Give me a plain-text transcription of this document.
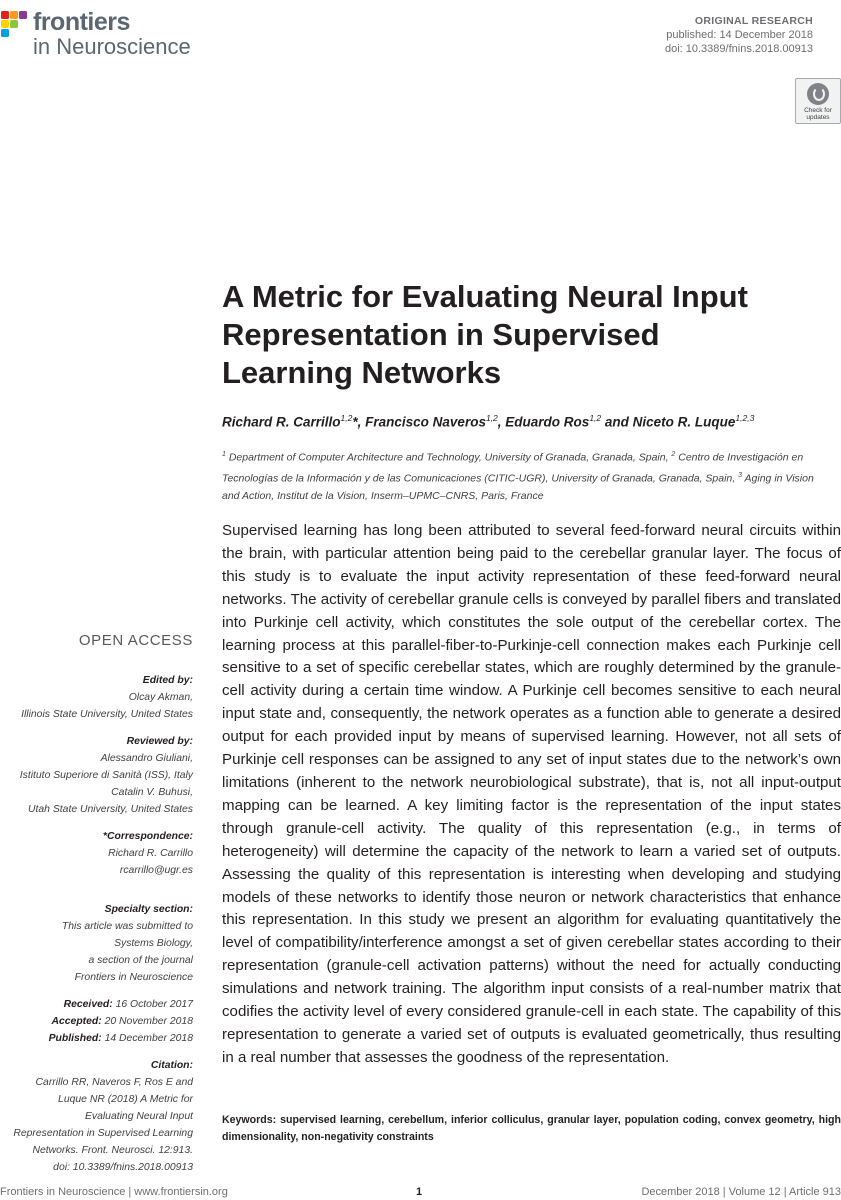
frontiers
in Neuroscience
ORIGINAL RESEARCH
published: 14 December 2018
doi: 10.3389/fnins.2018.00913
Check for
updates
A Metric for Evaluating Neural Input
Representation in Supervised
Learning Networks
Richard R. Carrillo$^{1,2}$*, Francisco Naveros$^{1,2}$, Eduardo Ros$^{1,2}$ and Niceto R. Luque$^{1,2,3}$
$^1$ Department of Computer Architecture and Technology, University of Granada, Granada, Spain, $^2$ Centro de Investigación en Tecnologías de la Información y de las Comunicaciones (CITIC-UGR), University of Granada, Granada, Spain, $^3$ Aging in Vision and Action, Institut de la Vision, Inserm–UPMC–CNRS, Paris, France

Supervised learning has long been attributed to several feed-forward neural circuits within the brain, with particular attention being paid to the cerebellar granular layer. The focus of this study is to evaluate the input activity representation of these feed-forward neural networks. The activity of cerebellar granule cells is conveyed by parallel fibers and translated into Purkinje cell activity, which constitutes the sole output of the cerebellar cortex. The learning process at this parallel-fiber-to-Purkinje-cell connection makes each Purkinje cell sensitive to a set of specific cerebellar states, which are roughly determined by the granule-cell activity during a certain time window. A Purkinje cell becomes sensitive to each neural input state and, consequently, the network operates as a function able to generate a desired output for each provided input by means of supervised learning. However, not all sets of Purkinje cell responses can be assigned to any set of input states due to the network’s own limitations (inherent to the network neurobiological substrate), that is, not all input-output mapping can be learned. A key limiting factor is the representation of the input states through granule-cell activity. The quality of this representation (e.g., in terms of heterogeneity) will determine the capacity of the network to learn a varied set of outputs. Assessing the quality of this representation is interesting when developing and studying models of these networks to identify those neuron or network characteristics that enhance this representation. In this study we present an algorithm for evaluating quantitatively the level of compatibility/interference amongst a set of given cerebellar states according to their representation (granule-cell activation patterns) without the need for actually conducting simulations and network training. The algorithm input consists of a real-number matrix that codifies the activity level of every considered granule-cell in each state. The capability of this representation to generate a varied set of outputs is evaluated geometrically, thus resulting in a real number that assesses the goodness of the representation.

Keywords: supervised learning, cerebellum, inferior colliculus, granular layer, population coding, convex geometry, high dimensionality, non-negativity constraints
OPEN ACCESS
Edited by:
Olcay Akman,
Illinois State University, United States
Reviewed by:
Alessandro Giuliani,
Istituto Superiore di Sanità (ISS), Italy
Catalin V. Buhusi,
Utah State University, United States
*Correspondence:
Richard R. Carrillo
rcarrillo@ugr.es
Specialty section:
This article was submitted to
Systems Biology,
a section of the journal
Frontiers in Neuroscience
Received: 16 October 2017
Accepted: 20 November 2018
Published: 14 December 2018
Citation:
Carrillo RR, Naveros F, Ros E and
Luque NR (2018) A Metric for
Evaluating Neural Input
Representation in Supervised Learning
Networks. Front. Neurosci. 12:913.
doi: 10.3389/fnins.2018.00913
Frontiers in Neuroscience | www.frontiersin.org	1	December 2018 | Volume 12 | Article 913
